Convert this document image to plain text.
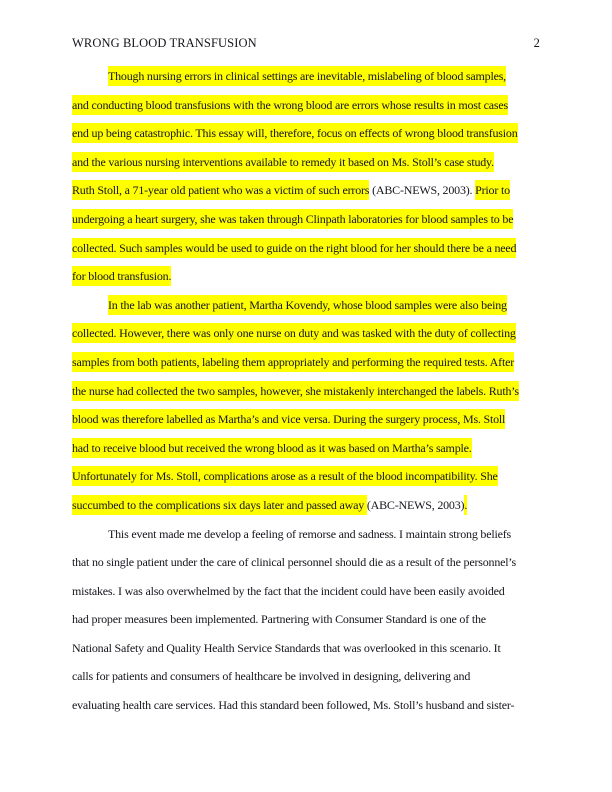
WRONG BLOOD TRANSFUSION	2
Though nursing errors in clinical settings are inevitable, mislabeling of blood samples,
and conducting blood transfusions with the wrong blood are errors whose results in most cases
end up being catastrophic. This essay will, therefore, focus on effects of wrong blood transfusion
and the various nursing interventions available to remedy it based on Ms. Stoll’s case study.
Ruth Stoll, a 71-year old patient who was a victim of such errors (ABC-NEWS, 2003). Prior to
undergoing a heart surgery, she was taken through Clinpath laboratories for blood samples to be
collected. Such samples would be used to guide on the right blood for her should there be a need
for blood transfusion.
In the lab was another patient, Martha Kovendy, whose blood samples were also being
collected. However, there was only one nurse on duty and was tasked with the duty of collecting
samples from both patients, labeling them appropriately and performing the required tests. After
the nurse had collected the two samples, however, she mistakenly interchanged the labels. Ruth’s
blood was therefore labelled as Martha’s and vice versa. During the surgery process, Ms. Stoll
had to receive blood but received the wrong blood as it was based on Martha’s sample.
Unfortunately for Ms. Stoll, complications arose as a result of the blood incompatibility. She
succumbed to the complications six days later and passed away (ABC-NEWS, 2003).
This event made me develop a feeling of remorse and sadness. I maintain strong beliefs
that no single patient under the care of clinical personnel should die as a result of the personnel’s
mistakes. I was also overwhelmed by the fact that the incident could have been easily avoided
had proper measures been implemented. Partnering with Consumer Standard is one of the
National Safety and Quality Health Service Standards that was overlooked in this scenario. It
calls for patients and consumers of healthcare be involved in designing, delivering and
evaluating health care services. Had this standard been followed, Ms. Stoll’s husband and sister-
